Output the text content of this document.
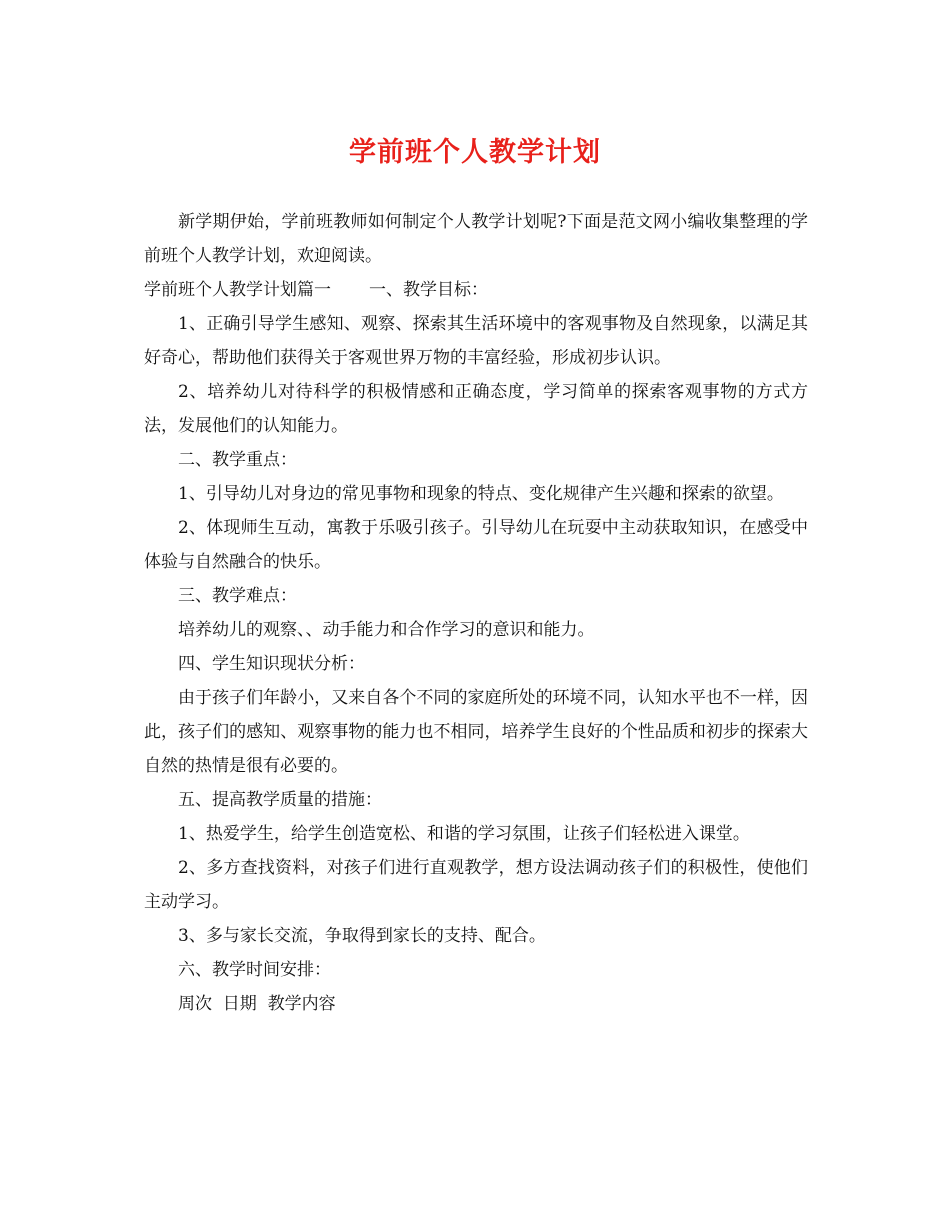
学前班个人教学计划

新学期伊始，学前班教师如何制定个人教学计划呢?下面是范文网小编收集整理的学前班个人教学计划，欢迎阅读。

学前班个人教学计划篇一 一、教学目标：

1、正确引导学生感知、观察、探索其生活环境中的客观事物及自然现象，以满足其好奇心，帮助他们获得关于客观世界万物的丰富经验，形成初步认识。

2、培养幼儿对待科学的积极情感和正确态度，学习简单的探索客观事物的方式方法，发展他们的认知能力。

二、教学重点：

1、引导幼儿对身边的常见事物和现象的特点、变化规律产生兴趣和探索的欲望。

2、体现师生互动，寓教于乐吸引孩子。引导幼儿在玩耍中主动获取知识，在感受中体验与自然融合的快乐。

三、教学难点：

培养幼儿的观察、、动手能力和合作学习的意识和能力。

四、学生知识现状分析：

由于孩子们年龄小，又来自各个不同的家庭所处的环境不同，认知水平也不一样，因此，孩子们的感知、观察事物的能力也不相同，培养学生良好的个性品质和初步的探索大自然的热情是很有必要的。

五、提高教学质量的措施：

1、热爱学生，给学生创造宽松、和谐的学习氛围，让孩子们轻松进入课堂。

2、多方查找资料，对孩子们进行直观教学，想方设法调动孩子们的积极性，使他们主动学习。

3、多与家长交流，争取得到家长的支持、配合。

六、教学时间安排：

周次  日期  教学内容
